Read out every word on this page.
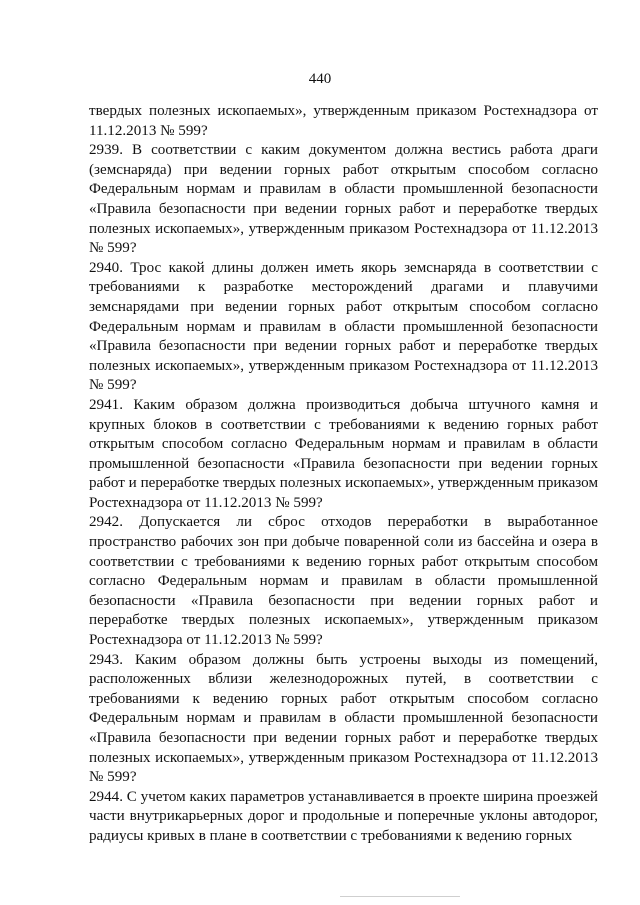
440

твердых полезных ископаемых», утвержденным приказом Ростехнадзора от 11.12.2013 № 599?

2939. В соответствии с каким документом должна вестись работа драги (земснаряда) при ведении горных работ открытым способом согласно Федеральным нормам и правилам в области промышленной безопасности «Правила безопасности при ведении горных работ и переработке твердых полезных ископаемых», утвержденным приказом Ростехнадзора от 11.12.2013 № 599?

2940. Трос какой длины должен иметь якорь земснаряда в соответствии с требованиями к разработке месторождений драгами и плавучими земснарядами при ведении горных работ открытым способом согласно Федеральным нормам и правилам в области промышленной безопасности «Правила безопасности при ведении горных работ и переработке твердых полезных ископаемых», утвержденным приказом Ростехнадзора от 11.12.2013 № 599?

2941. Каким образом должна производиться добыча штучного камня и крупных блоков в соответствии с требованиями к ведению горных работ открытым способом согласно Федеральным нормам и правилам в области промышленной безопасности «Правила безопасности при ведении горных работ и переработке твердых полезных ископаемых», утвержденным приказом Ростехнадзора от 11.12.2013 № 599?

2942. Допускается ли сброс отходов переработки в выработанное пространство рабочих зон при добыче поваренной соли из бассейна и озера в соответствии с требованиями к ведению горных работ открытым способом согласно Федеральным нормам и правилам в области промышленной безопасности «Правила безопасности при ведении горных работ и переработке твердых полезных ископаемых», утвержденным приказом Ростехнадзора от 11.12.2013 № 599?

2943. Каким образом должны быть устроены выходы из помещений, расположенных вблизи железнодорожных путей, в соответствии с требованиями к ведению горных работ открытым способом согласно Федеральным нормам и правилам в области промышленной безопасности «Правила безопасности при ведении горных работ и переработке твердых полезных ископаемых», утвержденным приказом Ростехнадзора от 11.12.2013 № 599?

2944. С учетом каких параметров устанавливается в проекте ширина проезжей части внутрикарьерных дорог и продольные и поперечные уклоны автодорог, радиусы кривых в плане в соответствии с требованиями к ведению горных
